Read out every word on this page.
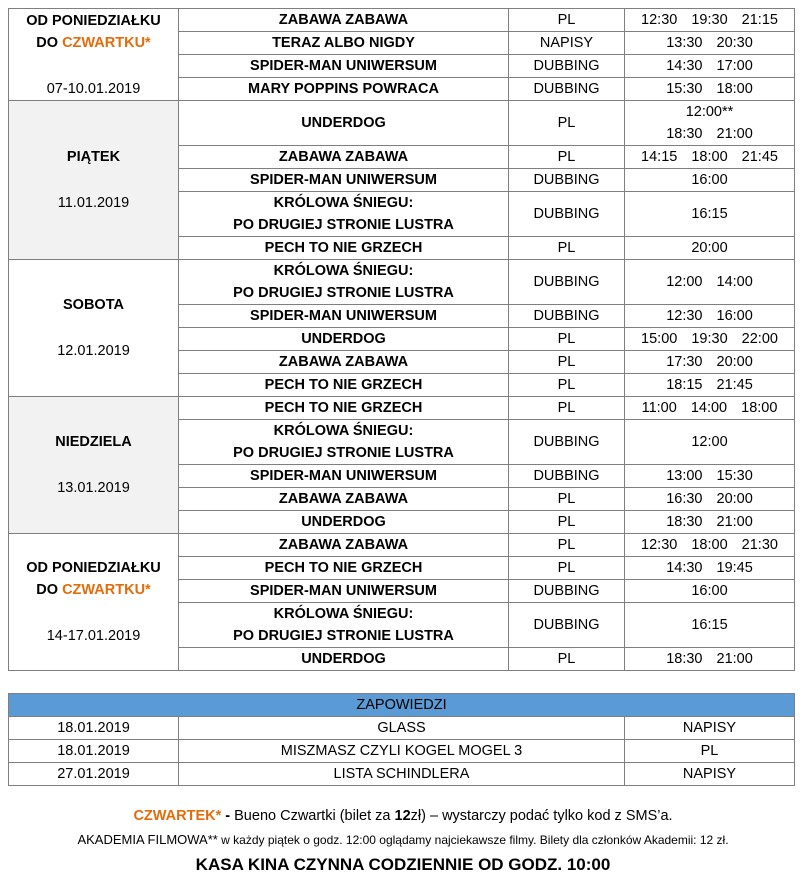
OD PONIEDZIAŁKU
DO CZWARTKU*
07-10.01.2019	ZABAWA ZABAWA	PL	12:30 19:30 21:15
	TERAZ ALBO NIGDY	NAPISY	13:30 20:30
	SPIDER-MAN UNIWERSUM	DUBBING	14:30 17:00
	MARY POPPINS POWRACA	DUBBING	15:30 18:00
PIĄTEK
11.01.2019	UNDERDOG	PL	12:00**
			18:30 21:00
	ZABAWA ZABAWA	PL	14:15 18:00 21:45
	SPIDER-MAN UNIWERSUM	DUBBING	16:00
	KRÓLOWA ŚNIEGU:
PO DRUGIEJ STRONIE LUSTRA	DUBBING	16:15
	PECH TO NIE GRZECH	PL	20:00
SOBOTA
12.01.2019	KRÓLOWA ŚNIEGU:
PO DRUGIEJ STRONIE LUSTRA	DUBBING	12:00 14:00
	SPIDER-MAN UNIWERSUM	DUBBING	12:30 16:00
	UNDERDOG	PL	15:00 19:30 22:00
	ZABAWA ZABAWA	PL	17:30 20:00
	PECH TO NIE GRZECH	PL	18:15 21:45
NIEDZIELA
13.01.2019	PECH TO NIE GRZECH	PL	11:00 14:00 18:00
	KRÓLOWA ŚNIEGU:
PO DRUGIEJ STRONIE LUSTRA	DUBBING	12:00
	SPIDER-MAN UNIWERSUM	DUBBING	13:00 15:30
	ZABAWA ZABAWA	PL	16:30 20:00
	UNDERDOG	PL	18:30 21:00
OD PONIEDZIAŁKU
DO CZWARTKU*
14-17.01.2019	ZABAWA ZABAWA	PL	12:30 18:00 21:30
	PECH TO NIE GRZECH	PL	14:30 19:45
	SPIDER-MAN UNIWERSUM	DUBBING	16:00
	KRÓLOWA ŚNIEGU:
PO DRUGIEJ STRONIE LUSTRA	DUBBING	16:15
	UNDERDOG	PL	18:30 21:00
ZAPOWIEDZI		
18.01.2019	GLASS	NAPISY
18.01.2019	MISZMASZ CZYLI KOGEL MOGEL 3	PL
27.01.2019	LISTA SCHINDLERA	NAPISY
CZWARTEK* - Bueno Czwartki (bilet za 12zł) – wystarczy podać tylko kod z SMS’a.
AKADEMIA FILMOWA** w każdy piątek o godz. 12:00 oglądamy najciekawsze filmy. Bilety dla członków Akademii: 12 zł.
KASA KINA CZYNNA CODZIENNIE OD GODZ. 10:00
